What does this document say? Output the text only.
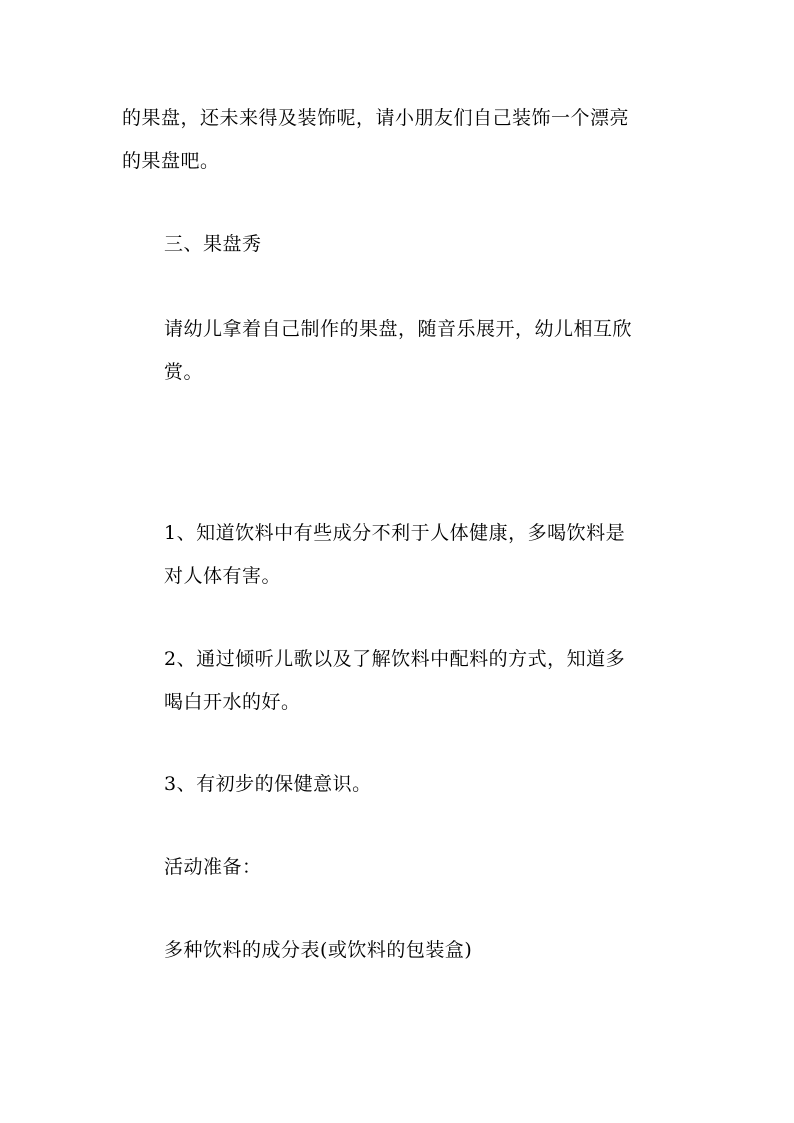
的果盘，还未来得及装饰呢，请小朋友们自己装饰一个漂亮
的果盘吧。
三、果盘秀
请幼儿拿着自己制作的果盘，随音乐展开，幼儿相互欣
赏。
1、知道饮料中有些成分不利于人体健康，多喝饮料是
对人体有害。
2、通过倾听儿歌以及了解饮料中配料的方式，知道多
喝白开水的好。
3、有初步的保健意识。
活动准备：
多种饮料的成分表(或饮料的包装盒)
